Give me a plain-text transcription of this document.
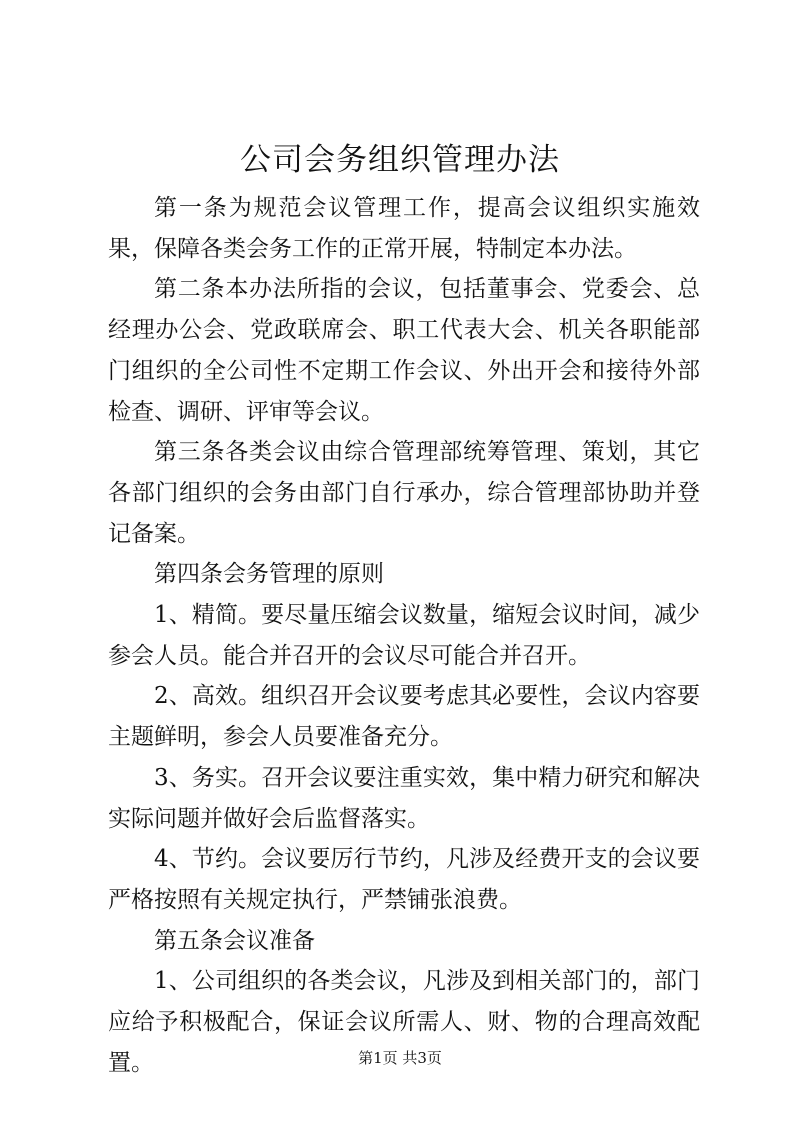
公司会务组织管理办法

第一条为规范会议管理工作，提高会议组织实施效果，保障各类会务工作的正常开展，特制定本办法。

第二条本办法所指的会议，包括董事会、党委会、总经理办公会、党政联席会、职工代表大会、机关各职能部门组织的全公司性不定期工作会议、外出开会和接待外部检查、调研、评审等会议。

第三条各类会议由综合管理部统筹管理、策划，其它各部门组织的会务由部门自行承办，综合管理部协助并登记备案。

第四条会务管理的原则

1、精简。要尽量压缩会议数量，缩短会议时间，减少参会人员。能合并召开的会议尽可能合并召开。

2、高效。组织召开会议要考虑其必要性，会议内容要主题鲜明，参会人员要准备充分。

3、务实。召开会议要注重实效，集中精力研究和解决实际问题并做好会后监督落实。

4、节约。会议要厉行节约，凡涉及经费开支的会议要严格按照有关规定执行，严禁铺张浪费。

第五条会议准备

1、公司组织的各类会议，凡涉及到相关部门的，部门应给予积极配合，保证会议所需人、财、物的合理高效配置。	第1页 共3页
